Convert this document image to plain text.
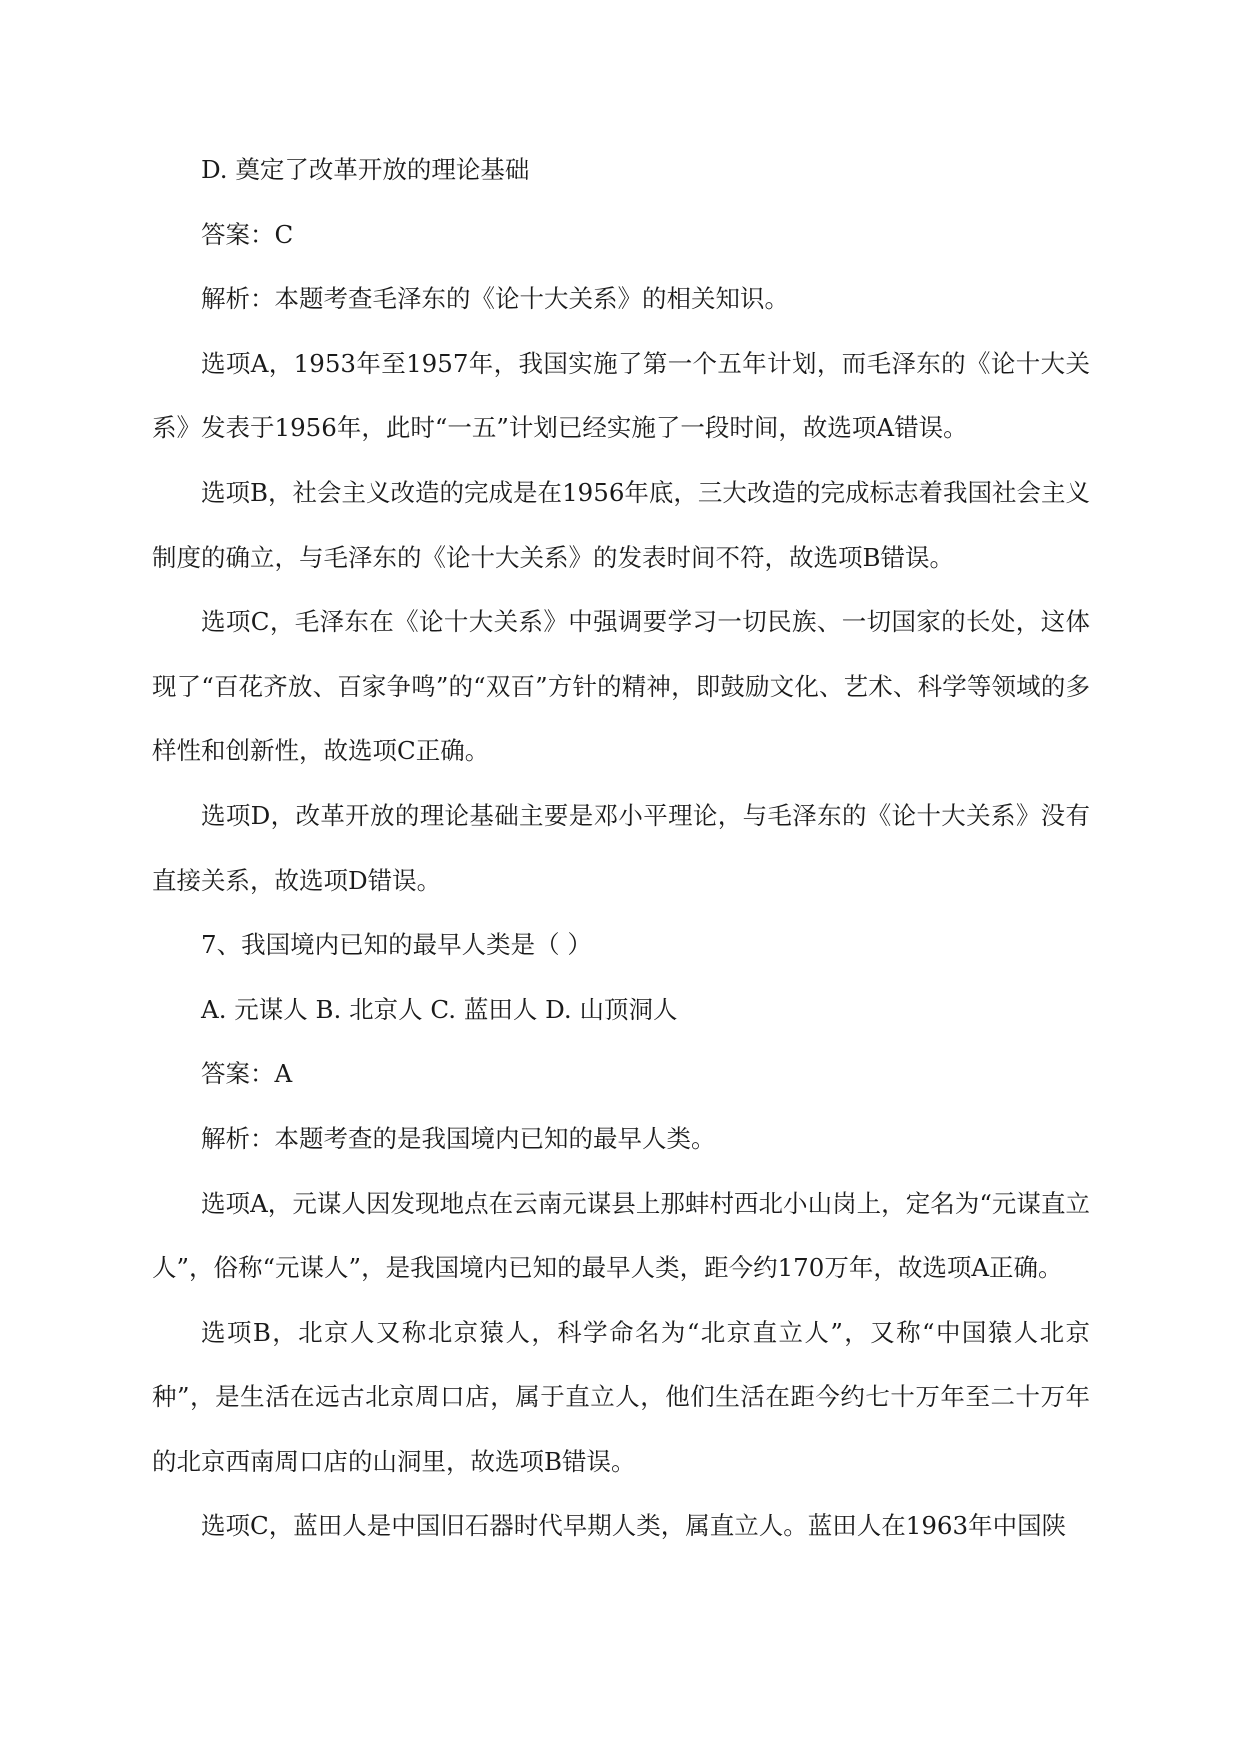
D. 奠定了改革开放的理论基础

答案：C

解析：本题考查毛泽东的《论十大关系》的相关知识。

选项A，1953年至1957年，我国实施了第一个五年计划，而毛泽东的《论十大关系》发表于1956年，此时“一五”计划已经实施了一段时间，故选项A错误。

选项B，社会主义改造的完成是在1956年底，三大改造的完成标志着我国社会主义制度的确立，与毛泽东的《论十大关系》的发表时间不符，故选项B错误。

选项C，毛泽东在《论十大关系》中强调要学习一切民族、一切国家的长处，这体现了“百花齐放、百家争鸣”的“双百”方针的精神，即鼓励文化、艺术、科学等领域的多样性和创新性，故选项C正确。

选项D，改革开放的理论基础主要是邓小平理论，与毛泽东的《论十大关系》没有直接关系，故选项D错误。

7、我国境内已知的最早人类是（ ）

A. 元谋人 B. 北京人 C. 蓝田人 D. 山顶洞人

答案：A

解析：本题考查的是我国境内已知的最早人类。

选项A，元谋人因发现地点在云南元谋县上那蚌村西北小山岗上，定名为“元谋直立人”，俗称“元谋人”，是我国境内已知的最早人类，距今约170万年，故选项A正确。

选项B，北京人又称北京猿人，科学命名为“北京直立人”，又称“中国猿人北京种”，是生活在远古北京周口店，属于直立人，他们生活在距今约七十万年至二十万年的北京西南周口店的山洞里，故选项B错误。

选项C，蓝田人是中国旧石器时代早期人类，属直立人。蓝田人在1963年中国陕
